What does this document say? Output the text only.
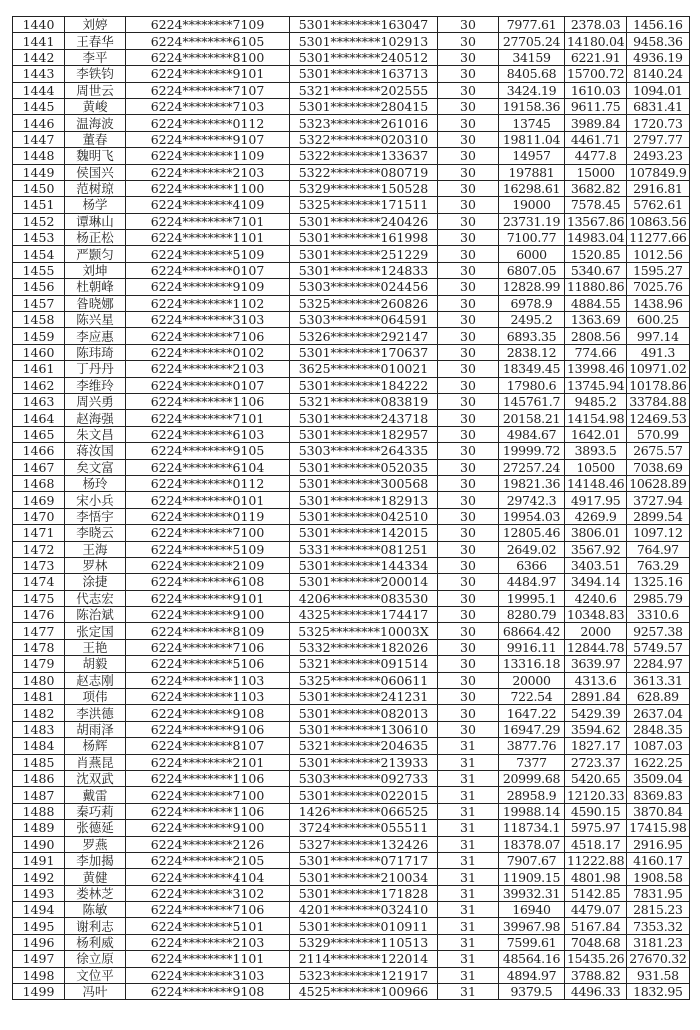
1440	刘婷	6224********7109	5301********163047	30	7977.61	2378.03	1456.16
1441	王春华	6224********6105	5301********102913	30	27705.24	14180.04	9458.36
1442	李平	6224********8100	5301********240512	30	34159	6221.91	4936.19
1443	李铁钧	6224********9101	5301********163713	30	8405.68	15700.72	8140.24
1444	周世云	6224********7107	5321********202555	30	3424.19	1610.03	1094.01
1445	黄峻	6224********7103	5301********280415	30	19158.36	9611.75	6831.41
1446	温海波	6224********0112	5323********261016	30	13745	3989.84	1720.73
1447	董春	6224********9107	5322********020310	30	19811.04	4461.71	2797.77
1448	魏明飞	6224********1109	5322********133637	30	14957	4477.8	2493.23
1449	侯国兴	6224********2103	5322********080719	30	197881	15000	107849.9
1450	范树琼	6224********1100	5329********150528	30	16298.61	3682.82	2916.81
1451	杨学	6224********4109	5325********171511	30	19000	7578.45	5762.61
1452	谭琳山	6224********7101	5301********240426	30	23731.19	13567.86	10863.56
1453	杨正松	6224********1101	5301********161998	30	7100.77	14983.04	11277.66
1454	严颢匀	6224********5109	5301********251229	30	6000	1520.85	1012.56
1455	刘坤	6224********0107	5301********124833	30	6807.05	5340.67	1595.27
1456	杜朝峰	6224********9109	5303********024456	30	12828.99	11880.86	7025.76
1457	昝晓娜	6224********1102	5325********260826	30	6978.9	4884.55	1438.96
1458	陈兴星	6224********3103	5303********064591	30	2495.2	1363.69	600.25
1459	李应惠	6224********7106	5326********292147	30	6893.35	2808.56	997.14
1460	陈玮琦	6224********0102	5301********170637	30	2838.12	774.66	491.3
1461	丁丹丹	6224********2103	3625********010021	30	18349.45	13998.46	10971.02
1462	李维玲	6224********0107	5301********184222	30	17980.6	13745.94	10178.86
1463	周兴勇	6224********1106	5321********083819	30	145761.7	9485.2	33784.88
1464	赵海强	6224********7101	5301********243718	30	20158.21	14154.98	12469.53
1465	朱文昌	6224********6103	5301********182957	30	4984.67	1642.01	570.99
1466	蒋汝国	6224********9105	5303********264335	30	19999.72	3893.5	2675.57
1467	矣文富	6224********6104	5301********052035	30	27257.24	10500	7038.69
1468	杨玲	6224********0112	5301********300568	30	19821.36	14148.46	10628.89
1469	宋小兵	6224********0101	5301********182913	30	29742.3	4917.95	3727.94
1470	李悟宇	6224********0119	5301********042510	30	19954.03	4269.9	2899.54
1471	李晓云	6224********7100	5301********142015	30	12805.46	3806.01	1097.12
1472	王海	6224********5109	5331********081251	30	2649.02	3567.92	764.97
1473	罗林	6224********2109	5301********144334	30	6366	3403.51	763.29
1474	涂捷	6224********6108	5301********200014	30	4484.97	3494.14	1325.16
1475	代志宏	6224********9101	4206********083530	30	19995.1	4240.6	2985.79
1476	陈治斌	6224********9100	4325********174417	30	8280.79	10348.83	3310.6
1477	张定国	6224********8109	5325********10003X	30	68664.42	2000	9257.38
1478	王艳	6224********7106	5332********182026	30	9916.11	12844.78	5749.57
1479	胡毅	6224********5106	5321********091514	30	13316.18	3639.97	2284.97
1480	赵志刚	6224********1103	5325********060611	30	20000	4313.6	3613.31
1481	项伟	6224********1103	5301********241231	30	722.54	2891.84	628.89
1482	李洪德	6224********9108	5301********082013	30	1647.22	5429.39	2637.04
1483	胡雨泽	6224********9106	5301********130610	30	16947.29	3594.62	2848.35
1484	杨辉	6224********8107	5321********204635	31	3877.76	1827.17	1087.03
1485	肖燕昆	6224********2101	5301********213933	31	7377	2723.37	1622.25
1486	沈双武	6224********1106	5303********092733	31	20999.68	5420.65	3509.04
1487	戴雷	6224********7100	5301********022015	31	28958.9	12120.33	8369.83
1488	秦巧莉	6224********1106	1426********066525	31	19988.14	4590.15	3870.84
1489	张德延	6224********9100	3724********055511	31	118734.1	5975.97	17415.98
1490	罗燕	6224********2126	5327********132426	31	18378.07	4518.17	2916.95
1491	李加揭	6224********2105	5301********071717	31	7907.67	11222.88	4160.17
1492	黄健	6224********4104	5301********210034	31	11909.15	4801.98	1908.58
1493	娄林芝	6224********3102	5301********171828	31	39932.31	5142.85	7831.95
1494	陈敏	6224********7106	4201********032410	31	16940	4479.07	2815.23
1495	谢利志	6224********5101	5301********010911	31	39967.98	5167.84	7353.32
1496	杨利威	6224********2103	5329********110513	31	7599.61	7048.68	3181.23
1497	徐立原	6224********1101	2114********122014	31	48564.16	15435.26	27670.32
1498	文位平	6224********3103	5323********121917	31	4894.97	3788.82	931.58
1499	冯叶	6224********9108	4525********100966	31	9379.5	4496.33	1832.95
